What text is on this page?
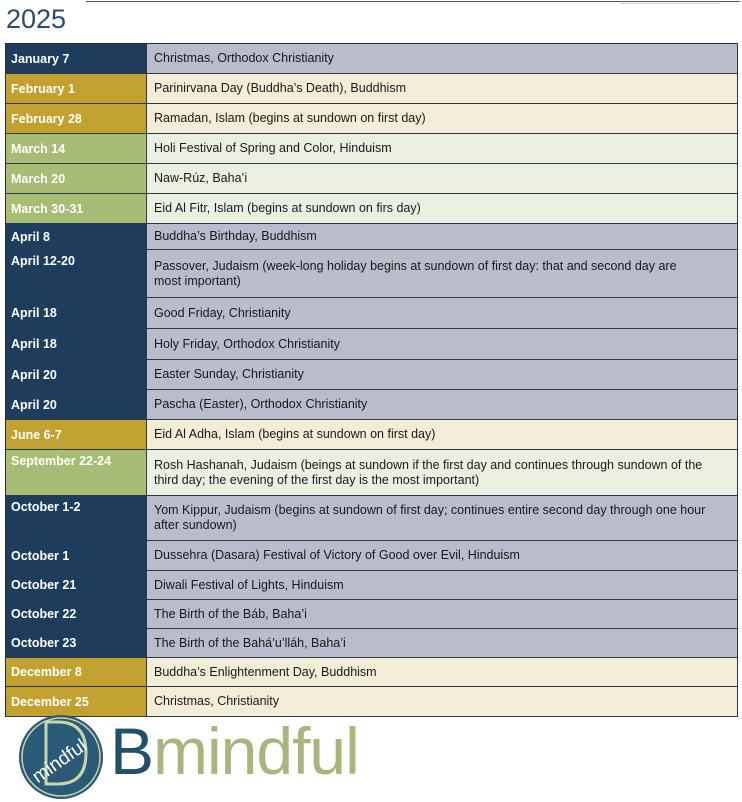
2025
January 7	Christmas, Orthodox Christianity
February 1	Parinirvana Day (Buddha’s Death), Buddhism
February 28	Ramadan, Islam (begins at sundown on first day)
March 14	Holi Festival of Spring and Color, Hinduism
March 20	Naw-Rúz, Baha’i
March 30-31	Eid Al Fitr, Islam (begins at sundown on firs day)
April 8	Buddha’s Birthday, Buddhism
April 12-20	Passover, Judaism (week-long holiday begins at sundown of first day: that and second day are most important)
April 18	Good Friday, Christianity
April 18	Holy Friday, Orthodox Christianity
April 20	Easter Sunday, Christianity
April 20	Pascha (Easter), Orthodox Christianity
June 6-7	Eid Al Adha, Islam (begins at sundown on first day)
September 22-24	Rosh Hashanah, Judaism (beings at sundown if the first day and continues through sundown of the third day; the evening of the first day is the most important)
October 1-2	Yom Kippur, Judaism (begins at sundown of first day; continues entire second day through one hour after sundown)
October 1	Dussehra (Dasara) Festival of Victory of Good over Evil, Hinduism
October 21	Diwali Festival of Lights, Hinduism
October 22	The Birth of the Báb, Baha’i
October 23	The Birth of the Bahá’u’lláh, Baha’i
December 8	Buddha’s Enlightenment Day, Buddhism
December 25	Christmas, Christianity
mindful Bmindful
